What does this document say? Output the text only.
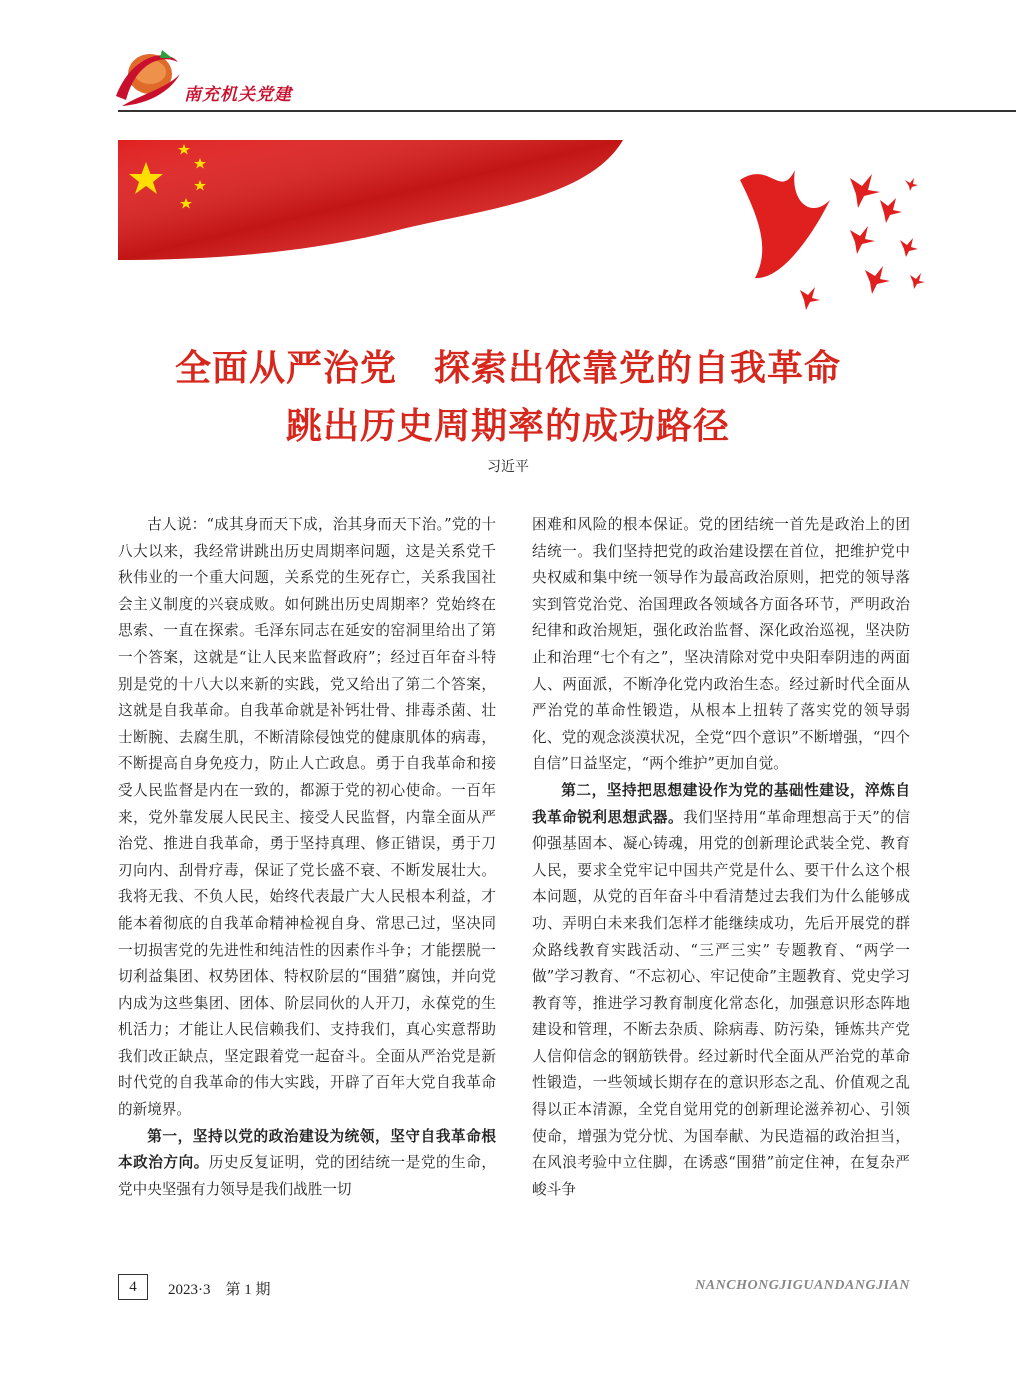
南充机关党建
全面从严治党　探索出依靠党的自我革命
跳出历史周期率的成功路径
习近平

古人说：“成其身而天下成，治其身而天下治。”党的十八大以来，我经常讲跳出历史周期率问题，这是关系党千秋伟业的一个重大问题，关系党的生死存亡，关系我国社会主义制度的兴衰成败。如何跳出历史周期率？党始终在思索、一直在探索。毛泽东同志在延安的窑洞里给出了第一个答案，这就是“让人民来监督政府”；经过百年奋斗特别是党的十八大以来新的实践，党又给出了第二个答案，这就是自我革命。自我革命就是补钙壮骨、排毒杀菌、壮士断腕、去腐生肌，不断清除侵蚀党的健康肌体的病毒，不断提高自身免疫力，防止人亡政息。勇于自我革命和接受人民监督是内在一致的，都源于党的初心使命。一百年来，党外靠发展人民民主、接受人民监督，内靠全面从严治党、推进自我革命，勇于坚持真理、修正错误，勇于刀刃向内、刮骨疗毒，保证了党长盛不衰、不断发展壮大。我将无我、不负人民，始终代表最广大人民根本利益，才能本着彻底的自我革命精神检视自身、常思己过，坚决同一切损害党的先进性和纯洁性的因素作斗争；才能摆脱一切利益集团、权势团体、特权阶层的“围猎”腐蚀，并向党内成为这些集团、团体、阶层同伙的人开刀，永葆党的生机活力；才能让人民信赖我们、支持我们，真心实意帮助我们改正缺点，坚定跟着党一起奋斗。全面从严治党是新时代党的自我革命的伟大实践，开辟了百年大党自我革命的新境界。

第一，坚持以党的政治建设为统领，坚守自我革命根本政治方向。历史反复证明，党的团结统一是党的生命，党中央坚强有力领导是我们战胜一切

困难和风险的根本保证。党的团结统一首先是政治上的团结统一。我们坚持把党的政治建设摆在首位，把维护党中央权威和集中统一领导作为最高政治原则，把党的领导落实到管党治党、治国理政各领域各方面各环节，严明政治纪律和政治规矩，强化政治监督、深化政治巡视，坚决防止和治理“七个有之”，坚决清除对党中央阳奉阴违的两面人、两面派，不断净化党内政治生态。经过新时代全面从严治党的革命性锻造，从根本上扭转了落实党的领导弱化、党的观念淡漠状况，全党“四个意识”不断增强，“四个自信”日益坚定，“两个维护”更加自觉。

第二，坚持把思想建设作为党的基础性建设，淬炼自我革命锐利思想武器。我们坚持用“革命理想高于天”的信仰强基固本、凝心铸魂，用党的创新理论武装全党、教育人民，要求全党牢记中国共产党是什么、要干什么这个根本问题，从党的百年奋斗中看清楚过去我们为什么能够成功、弄明白未来我们怎样才能继续成功，先后开展党的群众路线教育实践活动、“三严三实” 专题教育、“两学一做”学习教育、“不忘初心、牢记使命”主题教育、党史学习教育等，推进学习教育制度化常态化，加强意识形态阵地建设和管理，不断去杂质、除病毒、防污染，锤炼共产党人信仰信念的钢筋铁骨。经过新时代全面从严治党的革命性锻造，一些领域长期存在的意识形态之乱、价值观之乱得以正本清源，全党自觉用党的创新理论滋养初心、引领使命，增强为党分忧、为国奉献、为民造福的政治担当，在风浪考验中立住脚，在诱惑“围猎”前定住神，在复杂严峻斗争

4	2023·3　第 1 期	NANCHONGJIGUANDANGJIAN
